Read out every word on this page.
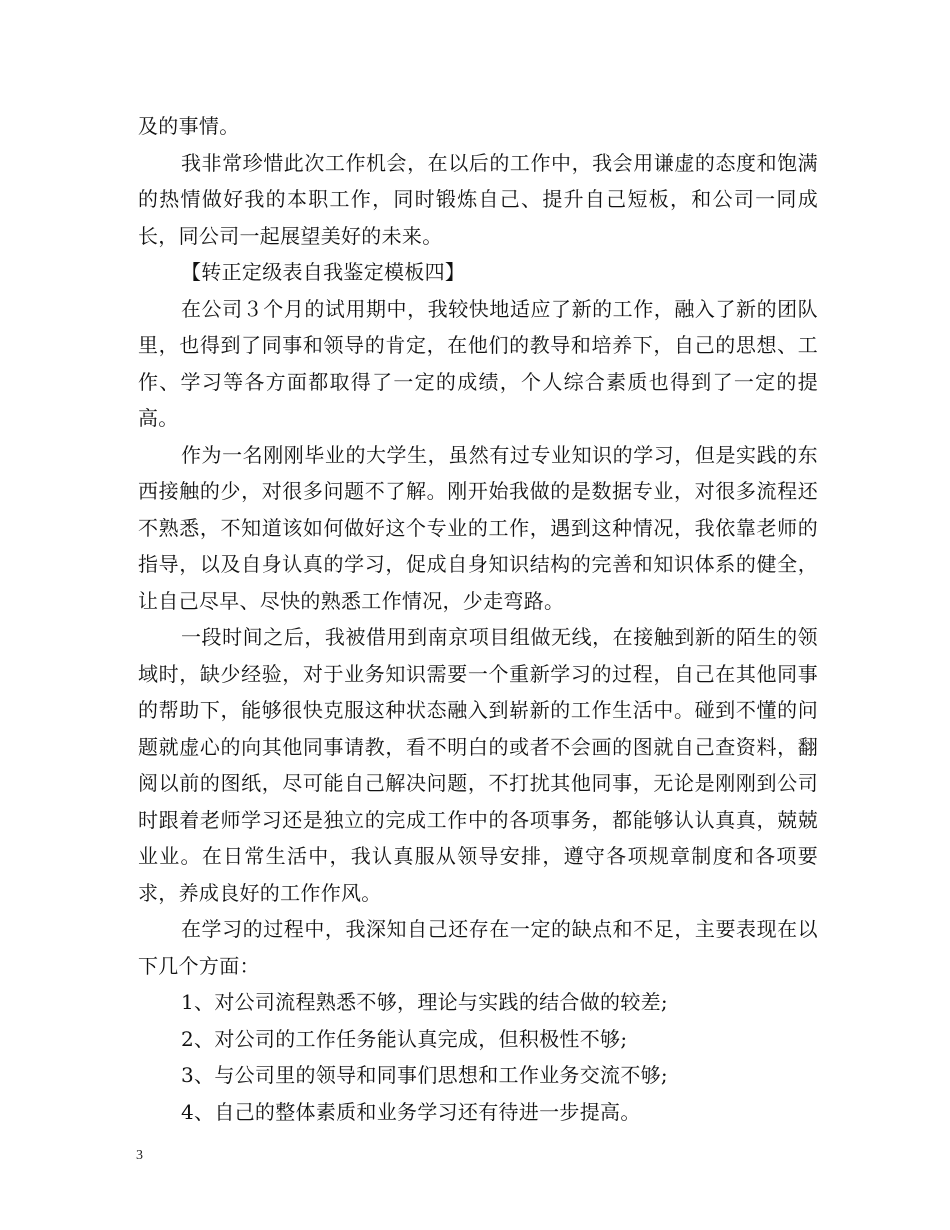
及的事情。

我非常珍惜此次工作机会，在以后的工作中，我会用谦虚的态度和饱满的热情做好我的本职工作，同时锻炼自己、提升自己短板，和公司一同成长，同公司一起展望美好的未来。

【转正定级表自我鉴定模板四】

在公司３个月的试用期中，我较快地适应了新的工作，融入了新的团队里，也得到了同事和领导的肯定，在他们的教导和培养下，自己的思想、工作、学习等各方面都取得了一定的成绩，个人综合素质也得到了一定的提高。

作为一名刚刚毕业的大学生，虽然有过专业知识的学习，但是实践的东西接触的少，对很多问题不了解。刚开始我做的是数据专业，对很多流程还不熟悉，不知道该如何做好这个专业的工作，遇到这种情况，我依靠老师的指导，以及自身认真的学习，促成自身知识结构的完善和知识体系的健全，让自己尽早、尽快的熟悉工作情况，少走弯路。

一段时间之后，我被借用到南京项目组做无线，在接触到新的陌生的领域时，缺少经验，对于业务知识需要一个重新学习的过程，自己在其他同事的帮助下，能够很快克服这种状态融入到崭新的工作生活中。碰到不懂的问题就虚心的向其他同事请教，看不明白的或者不会画的图就自己查资料，翻阅以前的图纸，尽可能自己解决问题，不打扰其他同事，无论是刚刚到公司时跟着老师学习还是独立的完成工作中的各项事务，都能够认认真真，兢兢业业。在日常生活中，我认真服从领导安排，遵守各项规章制度和各项要求，养成良好的工作作风。

在学习的过程中，我深知自己还存在一定的缺点和不足，主要表现在以下几个方面：

1、对公司流程熟悉不够，理论与实践的结合做的较差;

2、对公司的工作任务能认真完成，但积极性不够;

3、与公司里的领导和同事们思想和工作业务交流不够;

4、自己的整体素质和业务学习还有待进一步提高。

3
